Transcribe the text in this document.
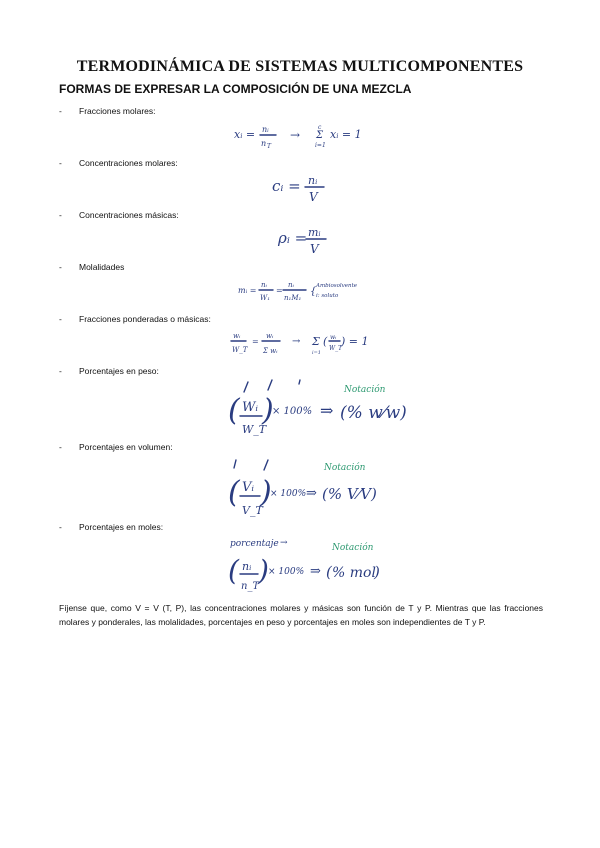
TERMODINÁMICA DE SISTEMAS MULTICOMPONENTES
FORMAS DE EXPRESAR LA COMPOSICIÓN DE UNA MEZCLA
- Fracciones molares:
xᵢ = nᵢ
n T
→
c
Σ
i=1
xᵢ = 1
- Concentraciones molares:
cᵢ = nᵢ
V
- Concentraciones másicas:
ρᵢ = mᵢ
V
- Molalidades
mᵢ =
nᵢ
W₁
=
nᵢ
n₁M₁
{ Ambiosolvente
i: soluto
- Fracciones ponderadas o másicas:
wᵢ
W_T
=
wᵢ
Σ wᵢ
→ Σ
i=1
( wᵢ
W_T
) = 1
- Porcentajes en peso:
Notación
( Wᵢ
W_T
)
× 100% ⇒ (% w⁄w)
- Porcentajes en volumen:
Notación
( Vᵢ
V_T
)
× 100% ⇒ (% V⁄V)
- Porcentajes en moles:
porcentaje →	Notación
( nᵢ
n_T
) × 100% ⇒ ( % mol
)

Fíjense que, como V = V (T, P), las concentraciones molares y másicas son función de T y P. Mientras que las fracciones molares y ponderales, las molalidades, porcentajes en peso y porcentajes en moles son independientes de T y P.
